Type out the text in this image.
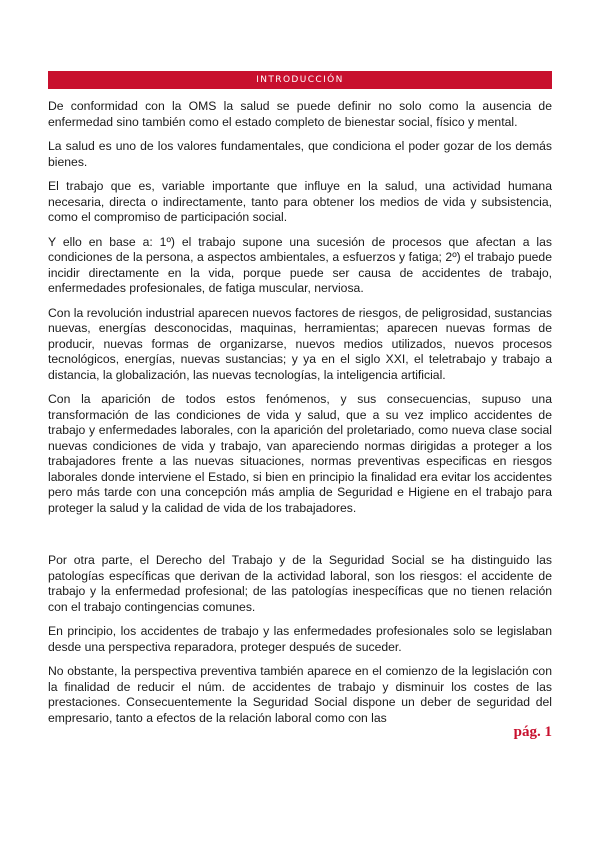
INTRODUCCIÓN

De conformidad con la OMS la salud se puede definir no solo como la ausencia de enfermedad sino también como el estado completo de bienestar social, físico y mental.

La salud es uno de los valores fundamentales, que condiciona el poder gozar de los demás bienes.

El trabajo que es, variable importante que influye en la salud, una actividad humana necesaria, directa o indirectamente, tanto para obtener los medios de vida y subsistencia, como el compromiso de participación social.

Y ello en base a: 1º) el trabajo supone una sucesión de procesos que afectan a las condiciones de la persona, a aspectos ambientales, a esfuerzos y fatiga; 2º) el trabajo puede incidir directamente en la vida, porque puede ser causa de accidentes de trabajo, enfermedades profesionales, de fatiga muscular, nerviosa.

Con la revolución industrial aparecen nuevos factores de riesgos, de peligrosidad, sustancias nuevas, energías desconocidas, maquinas, herramientas; aparecen nuevas formas de producir, nuevas formas de organizarse, nuevos medios utilizados, nuevos procesos tecnológicos, energías, nuevas sustancias; y ya en el siglo XXI, el teletrabajo y trabajo a distancia, la globalización, las nuevas tecnologías, la inteligencia artificial.

Con la aparición de todos estos fenómenos, y sus consecuencias, supuso una transformación de las condiciones de vida y salud, que a su vez implico accidentes de trabajo y enfermedades laborales, con la aparición del proletariado, como nueva clase social nuevas condiciones de vida y trabajo, van apareciendo normas dirigidas a proteger a los trabajadores frente a las nuevas situaciones, normas preventivas especificas en riesgos laborales donde interviene el Estado, si bien en principio la finalidad era evitar los accidentes pero más tarde con una concepción más amplia de Seguridad e Higiene en el trabajo para proteger la salud y la calidad de vida de los trabajadores.

Por otra parte, el Derecho del Trabajo y de la Seguridad Social se ha distinguido las patologías específicas que derivan de la actividad laboral, son los riesgos: el accidente de trabajo y la enfermedad profesional; de las patologías inespecíficas que no tienen relación con el trabajo contingencias comunes.

En principio, los accidentes de trabajo y las enfermedades profesionales solo se legislaban desde una perspectiva reparadora, proteger después de suceder.

No obstante, la perspectiva preventiva también aparece en el comienzo de la legislación con la finalidad de reducir el núm. de accidentes de trabajo y disminuir los costes de las prestaciones. Consecuentemente la Seguridad Social dispone un deber de seguridad del empresario, tanto a efectos de la relación laboral como con las

pág. 1
